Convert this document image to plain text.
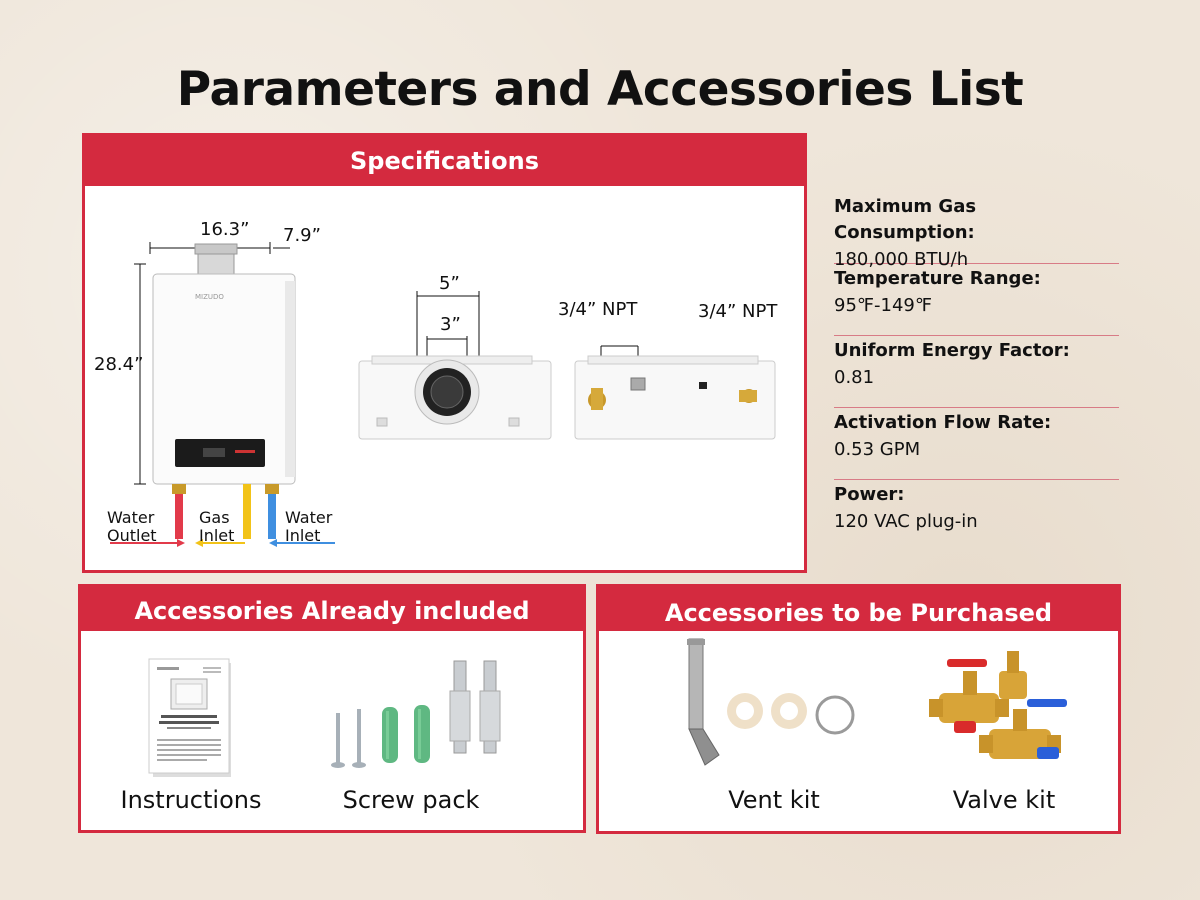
Parameters and Accessories List
Specifications
MIZUDO
16.3” 7.9”
28.4”
Water
Outlet
Gas
Inlet
Water
Inlet
5”
3”
3/4” NPT	3/4” NPT
Maximum Gas Consumption:
180,000 BTU/h
Temperature Range:
95℉-149℉
Uniform Energy Factor:
0.81
Activation Flow Rate:
0.53 GPM
Power:
120 VAC plug-in
Accessories Already included
Instructions	Screw pack
Accessories to be Purchased
Vent kit	Valve kit
